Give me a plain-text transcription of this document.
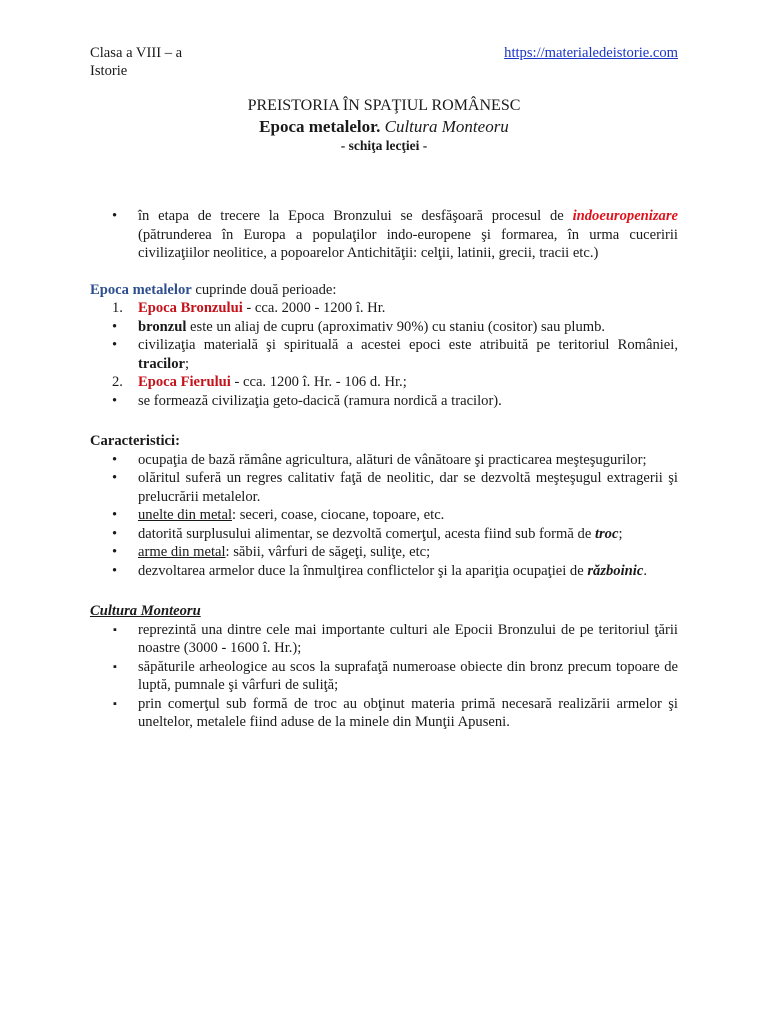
Clasa a VIII – a Istorie
https://materialedeistorie.com
PREISTORIA ÎN SPAŢIUL ROMÂNESC
Epoca metalelor. Cultura Monteoru
- schiţa lecţiei -
•	în etapa de trecere la Epoca Bronzului se desfăşoară procesul de indoeuropenizare (pătrunderea în Europa a populaţilor indo-europene şi formarea, în urma cuceririi civilizaţiilor neolitice, a popoarelor Antichităţii: celţii, latinii, grecii, tracii etc.)
Epoca metalelor cuprinde două perioade:
1.	Epoca Bronzului - cca. 2000 - 1200 î. Hr.
•	bronzul este un aliaj de cupru (aproximativ 90%) cu staniu (cositor) sau plumb.
•	civilizaţia materială şi spirituală a acestei epoci este atribuită pe teritoriul României, tracilor;
2.	Epoca Fierului - cca. 1200 î. Hr. - 106 d. Hr.;
•	se formează civilizaţia geto-dacică (ramura nordică a tracilor).
Caracteristici:
•	ocupaţia de bază rămâne agricultura, alături de vânătoare şi practicarea meşteşugurilor;
•	olăritul suferă un regres calitativ faţă de neolitic, dar se dezvoltă meşteşugul extragerii şi prelucrării metalelor.
•	unelte din metal: seceri, coase, ciocane, topoare, etc.
•	datorită surplusului alimentar, se dezvoltă comerţul, acesta fiind sub formă de troc;
•	arme din metal: săbii, vârfuri de săgeţi, suliţe, etc;
•	dezvoltarea armelor duce la înmulţirea conflictelor şi la apariţia ocupaţiei de războinic.
Cultura Monteoru
▪	reprezintă una dintre cele mai importante culturi ale Epocii Bronzului de pe teritoriul ţării noastre (3000 - 1600 î. Hr.);
▪	săpăturile arheologice au scos la suprafaţă numeroase obiecte din bronz precum topoare de luptă, pumnale şi vârfuri de suliţă;
▪	prin comerţul sub formă de troc au obţinut materia primă necesară realizării armelor şi uneltelor, metalele fiind aduse de la minele din Munţii Apuseni.
